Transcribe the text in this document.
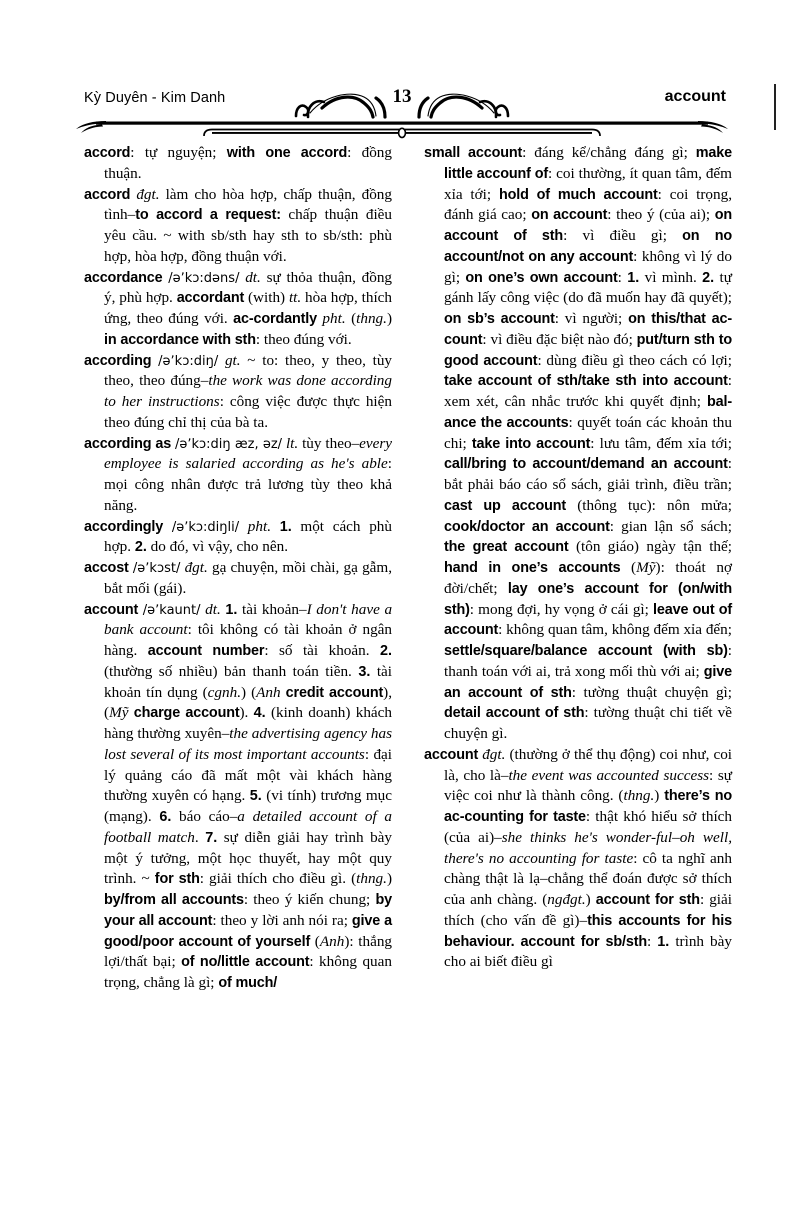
Kỳ Duyên - Kim Danh	13	account

accord: tự nguyện; with one accord: đồng thuận.

accord đgt. làm cho hòa hợp, chấp thuận, đồng tình–to accord a request: chấp thuận điều yêu cầu. ~ with sb/sth hay sth to sb/sth: phù hợp, hòa hợp, đồng thuận với.

accordance /əʼkɔ:dəns/ dt. sự thỏa thuận, đồng ý, phù hợp. accordant (with) tt. hòa hợp, thích ứng, theo đúng với. ac-cordantly pht. (thng.) in accordance with sth: theo đúng với.

according /əʼkɔ:diŋ/ gt. ~ to: theo, y theo, tùy theo, theo đúng–the work was done according to her instructions: công việc được thực hiện theo đúng chỉ thị của bà ta.

according as /əʼkɔ:diŋ æz, əz/ lt. tùy theo–every employee is salaried according as he's able: mọi công nhân được trả lương tùy theo khả năng.

accordingly /əʼkɔ:diŋli/ pht. 1. một cách phù hợp. 2. do đó, vì vậy, cho nên.

accost /əʼkɔst/ đgt. gạ chuyện, mồi chài, gạ gẫm, bắt mối (gái).

account /əʼkaunt/ dt. 1. tài khoản–I don't have a bank account: tôi không có tài khoản ở ngân hàng. account number: số tài khoản. 2. (thường số nhiều) bản thanh toán tiền. 3. tài khoản tín dụng (cgnh.) (Anh credit account), (Mỹ charge account). 4. (kinh doanh) khách hàng thường xuyên–the advertising agency has lost several of its most important accounts: đại lý quảng cáo đã mất một vài khách hàng thường xuyên có hạng. 5. (vi tính) trương mục (mạng). 6. báo cáo–a detailed account of a football match. 7. sự diễn giải hay trình bày một ý tưởng, một học thuyết, hay một quy trình. ~ for sth: giải thích cho điều gì. (thng.) by/from all accounts: theo ý kiến chung; by your all account: theo y lời anh nói ra; give a good/poor account of yourself (Anh): thắng lợi/thất bại; of no/little account: không quan trọng, chẳng là gì; of much/

small account: đáng kể/chẳng đáng gì; make little accounf of: coi thường, ít quan tâm, đếm xỉa tới; hold of much account: coi trọng, đánh giá cao; on account: theo ý (của ai); on account of sth: vì điều gì; on no account/not on any account: không vì lý do gì; on one’s own account: 1. vì mình. 2. tự gánh lấy công việc (do đã muốn hay đã quyết); on sb’s account: vì người; on this/that ac-count: vì điều đặc biệt nào đó; put/turn sth to good account: dùng điều gì theo cách có lợi; take account of sth/take sth into account: xem xét, cân nhắc trước khi quyết định; bal-ance the accounts: quyết toán các khoản thu chi; take into account: lưu tâm, đếm xỉa tới; call/bring to account/demand an account: bắt phải báo cáo sổ sách, giải trình, điều trần; cast up account (thông tục): nôn mửa; cook/doctor an account: gian lận sổ sách; the great account (tôn giáo) ngày tận thế; hand in one’s accounts (Mỹ): thoát nợ đời/chết; lay one’s account for (on/with sth): mong đợi, hy vọng ở cái gì; leave out of account: không quan tâm, không đếm xỉa đến; settle/square/balance account (with sb): thanh toán với ai, trả xong mối thù với ai; give an account of sth: tường thuật chuyện gì; detail account of sth: tường thuật chi tiết về chuyện gì.

account đgt. (thường ở thể thụ động) coi như, coi là, cho là–the event was accounted success: sự việc coi như là thành công. (thng.) there’s no ac-counting for taste: thật khó hiểu sở thích (của ai)–she thinks he's wonder-ful–oh well, there's no accounting for taste: cô ta nghĩ anh chàng thật là lạ–chẳng thể đoán được sở thích của anh chàng. (ngđgt.) account for sth: giải thích (cho vấn đề gì)–this accounts for his behaviour. account for sb/sth: 1. trình bày cho ai biết điều gì
